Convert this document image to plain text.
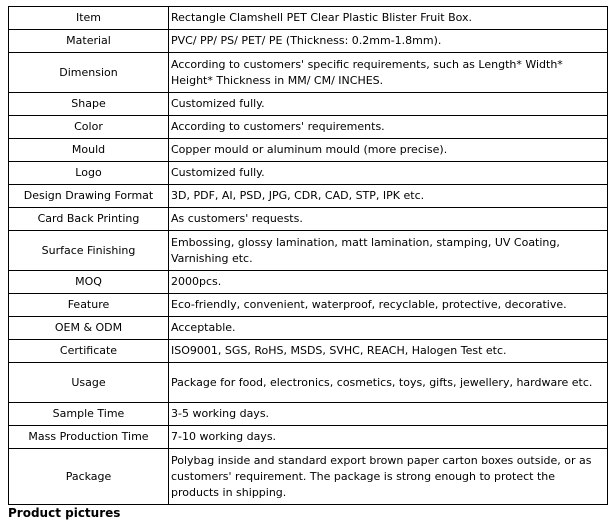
Item	Rectangle Clamshell PET Clear Plastic Blister Fruit Box.
Material	PVC/ PP/ PS/ PET/ PE (Thickness: 0.2mm-1.8mm).
Dimension	According to customers' specific requirements, such as Length* Width* Height* Thickness in MM/ CM/ INCHES.
Shape	Customized fully.
Color	According to customers' requirements.
Mould	Copper mould or aluminum mould (more precise).
Logo	Customized fully.
Design Drawing Format	3D, PDF, AI, PSD, JPG, CDR, CAD, STP, IPK etc.
Card Back Printing	As customers' requests.
Surface Finishing	Embossing, glossy lamination, matt lamination, stamping, UV Coating, Varnishing etc.
MOQ	2000pcs.
Feature	Eco-friendly, convenient, waterproof, recyclable, protective, decorative.
OEM & ODM	Acceptable.
Certificate	ISO9001, SGS, RoHS, MSDS, SVHC, REACH, Halogen Test etc.
Usage	Package for food, electronics, cosmetics, toys, gifts, jewellery, hardware etc.
Sample Time	3-5 working days.
Mass Production Time	7-10 working days.
Package	Polybag inside and standard export brown paper carton boxes outside, or as customers' requirement. The package is strong enough to protect the products in shipping.
Product pictures
